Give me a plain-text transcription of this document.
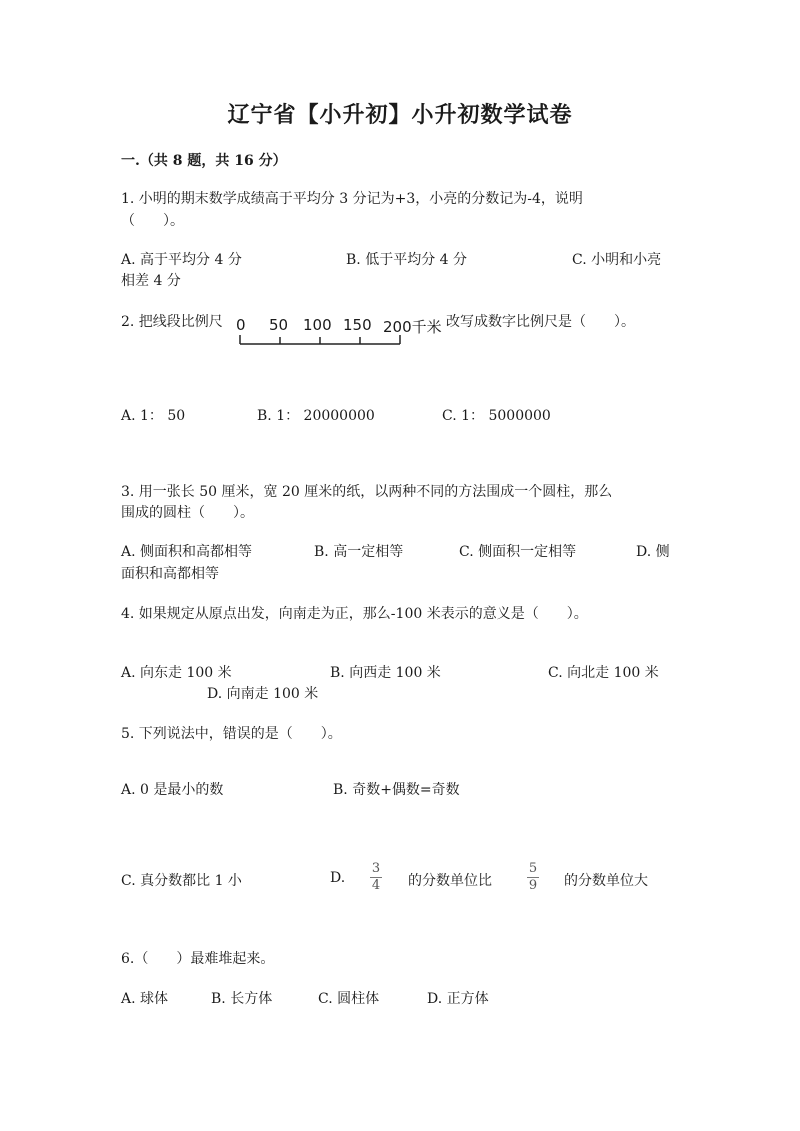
辽宁省【小升初】小升初数学试卷
一.（共 8 题，共 16 分）
1. 小明的期末数学成绩高于平均分 3 分记为+3，小亮的分数记为-4，说明
（　　）。
A. 高于平均分 4 分	B. 低于平均分 4 分	C. 小明和小亮
相差 4 分
2. 把线段比例尺 0 50 100 150 200千米 改写成数字比例尺是（　　）。
A. 1： 50	B. 1： 20000000	C. 1： 5000000
3. 用一张长 50 厘米，宽 20 厘米的纸，以两种不同的方法围成一个圆柱，那么
围成的圆柱（　　）。
A. 侧面积和高都相等	B. 高一定相等	C. 侧面积一定相等	D. 侧
面积和高都相等
4. 如果规定从原点出发，向南走为正，那么-100 米表示的意义是（　　）。
A. 向东走 100 米	B. 向西走 100 米	C. 向北走 100 米
D. 向南走 100 米
5. 下列说法中，错误的是（　　）。
A. 0 是最小的数	B. 奇数+偶数=奇数
C. 真分数都比 1 小	D.
3
4 的分数单位比
5
9 的分数单位大
6.（　　）最难堆起来。
A. 球体	B. 长方体	C. 圆柱体	D. 正方体
